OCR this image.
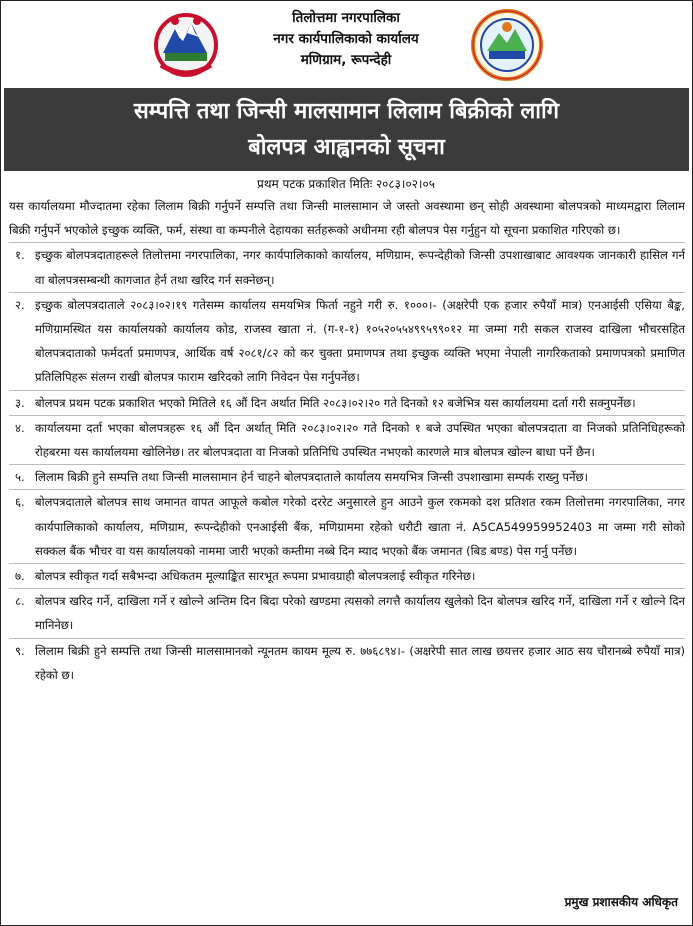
तिलोत्तमा नगरपालिका
नगर कार्यपालिकाको कार्यालय
मणिग्राम, रूपन्देही
सम्पत्ति तथा जिन्सी मालसामान लिलाम बिक्रीको लागि
बोलपत्र आह्वानको सूचना
प्रथम पटक प्रकाशित मितिः २०८३।०२।०५
यस कार्यालयमा मौज्दातमा रहेका लिलाम बिक्री गर्नुपर्ने सम्पत्ति तथा जिन्सी मालसामान जे जस्तो अवस्थामा छन् सोही अवस्थामा बोलपत्रको माध्यमद्वारा लिलाम बिक्री गर्नुपर्ने भएकोले इच्छुक व्यक्ति, फर्म, संस्था वा कम्पनीले देहायका सर्तहरूको अधीनमा रही बोलपत्र पेस गर्नुहुन यो सूचना प्रकाशित गरिएको छ।
१. इच्छुक बोलपत्रदाताहरूले तिलोत्तमा नगरपालिका, नगर कार्यपालिकाको कार्यालय, मणिग्राम, रूपन्देहीको जिन्सी उपशाखाबाट आवश्यक जानकारी हासिल गर्न वा बोलपत्रसम्बन्धी कागजात हेर्न तथा खरिद गर्न सक्नेछन्।
२. इच्छुक बोलपत्रदाताले २०८३।०२।१९ गतेसम्म कार्यालय समयभित्र फिर्ता नहुने गरी रु. १०००।- (अक्षरेपी एक हजार रुपैयाँ मात्र) एनआईसी एसिया बैङ्क, मणिग्रामस्थित यस कार्यालयको कार्यालय कोड, राजस्व खाता नं. (ग-१-१) १०५२०५५४९९५९९०१२ मा जम्मा गरी सकल राजस्व दाखिला भौचरसहित बोलपत्रदाताको फर्मदर्ता प्रमाणपत्र, आर्थिक वर्ष २०८१/८२ को कर चुक्ता प्रमाणपत्र तथा इच्छुक व्यक्ति भएमा नेपाली नागरिकताको प्रमाणपत्रको प्रमाणित प्रतिलिपिहरू संलग्न राखी बोलपत्र फाराम खरिदको लागि निवेदन पेस गर्नुपर्नेछ।
३. बोलपत्र प्रथम पटक प्रकाशित भएको मितिले १६ औं दिन अर्थात मिति २०८३।०२।२० गते दिनको १२ बजेभित्र यस कार्यालयमा दर्ता गरी सक्नुपर्नेछ।
४. कार्यालयमा दर्ता भएका बोलपत्रहरू १६ औं दिन अर्थात् मिति २०८३।०२।२० गते दिनको १ बजे उपस्थित भएका बोलपत्रदाता वा निजको प्रतिनिधिहरूको रोहबरमा यस कार्यालयमा खोलिनेछ। तर बोलपत्रदाता वा निजको प्रतिनिधि उपस्थित नभएको कारणले मात्र बोलपत्र खोल्न बाधा पर्ने छैन।
५. लिलाम बिक्री हुने सम्पत्ति तथा जिन्सी मालसामान हेर्न चाहने बोलपत्रदाताले कार्यालय समयभित्र जिन्सी उपशाखामा सम्पर्क राख्नु पर्नेछ।
६. बोलपत्रदाताले बोलपत्र साथ जमानत वापत आफूले कबोल गरेको दररेट अनुसारले हुन आउने कुल रकमको दश प्रतिशत रकम तिलोत्तमा नगरपालिका, नगर कार्यपालिकाको कार्यालय, मणिग्राम, रूपन्देहीको एनआईसी बैंक, मणिग्राममा रहेको धरौटी खाता नं. A5CA549959952403 मा जम्मा गरी सोको सक्कल बैंक भौचर वा यस कार्यालयको नाममा जारी भएको कम्तीमा नब्बे दिन म्याद भएको बैंक जमानत (बिड बण्ड) पेस गर्नु पर्नेछ।
७. बोलपत्र स्वीकृत गर्दा सबैभन्दा अधिकतम मूल्याङ्कित सारभूत रूपमा प्रभावग्राही बोलपत्रलाई स्वीकृत गरिनेछ।
८. बोलपत्र खरिद गर्ने, दाखिला गर्ने र खोल्ने अन्तिम दिन बिदा परेको खण्डमा त्यसको लगत्तै कार्यालय खुलेको दिन बोलपत्र खरिद गर्ने, दाखिला गर्ने र खोल्ने दिन मानिनेछ।
९. लिलाम बिक्री हुने सम्पत्ति तथा जिन्सी मालसामानको न्यूनतम कायम मूल्य रु. ७७६८९४।- (अक्षरेपी सात लाख छयत्तर हजार आठ सय चौरानब्बे रुपैयाँ मात्र) रहेको छ।
प्रमुख प्रशासकीय अधिकृत
